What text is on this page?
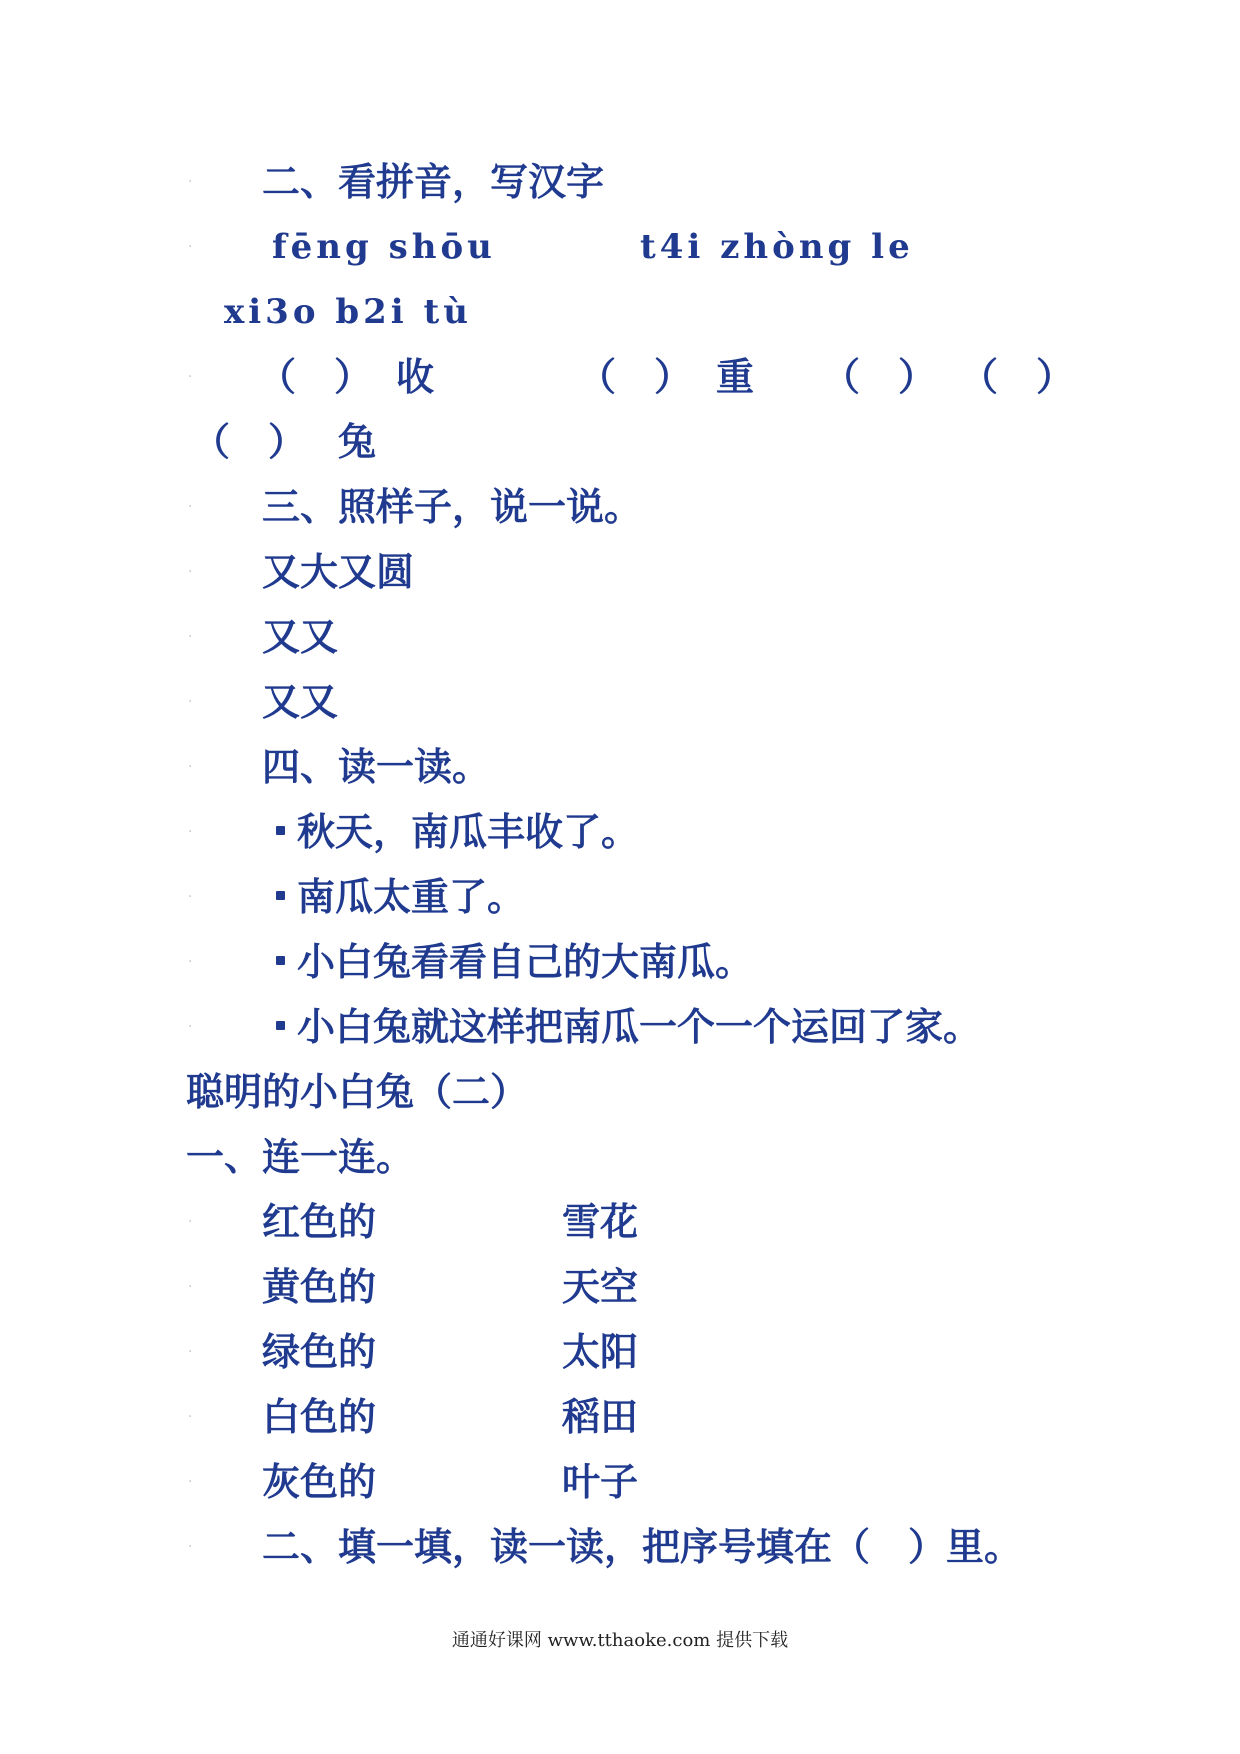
· 二、看拼音，写汉字
· fēng shōu	t4i zhòng le
xi3o b2i tù
· （　） 收	（　） 重 （　） （　）
（　） 兔
· 三、照样子，说一说。
· 又大又圆
· 又又
· 又又
· 四、读一读。
·	秋天，南瓜丰收了。
·	南瓜太重了。
·	小白兔看看自己的大南瓜。
·	小白兔就这样把南瓜一个一个运回了家。
聪明的小白兔（二）
一、连一连。
· 红色的	雪花
· 黄色的	天空
· 绿色的	太阳
· 白色的	稻田
· 灰色的	叶子
· 二、填一填，读一读，把序号填在（　）里。
通通好课网 www.tthaoke.com 提供下载
